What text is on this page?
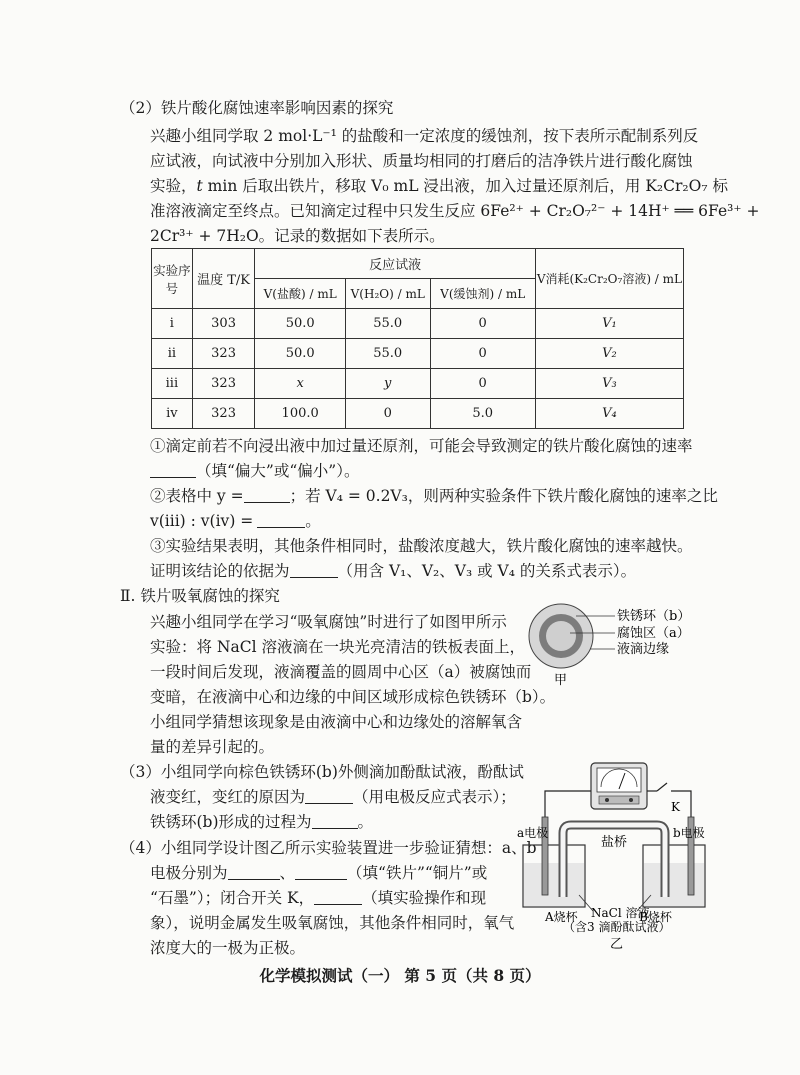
（2）铁片酸化腐蚀速率影响因素的探究
兴趣小组同学取 2 mol·L⁻¹ 的盐酸和一定浓度的缓蚀剂，按下表所示配制系列反
应试液，向试液中分别加入形状、质量均相同的打磨后的洁净铁片进行酸化腐蚀
实验，t min 后取出铁片，移取 V₀ mL 浸出液，加入过量还原剂后，用 K₂Cr₂O₇ 标
准溶液滴定至终点。已知滴定过程中只发生反应 6Fe²⁺ + Cr₂O₇²⁻ + 14H⁺ ══ 6Fe³⁺ +
2Cr³⁺ + 7H₂O。记录的数据如下表所示。
实验序号	温度 T/K	反应试液			V消耗(K₂Cr₂O₇溶液) / mL
		V(盐酸) / mL	V(H₂O) / mL	V(缓蚀剂) / mL	
i	303	50.0	55.0	0	V₁
ii	323	50.0	55.0	0	V₂
iii	323	x	y	0	V₃
iv	323	100.0	0	5.0	V₄
①滴定前若不向浸出液中加过量还原剂，可能会导致测定的铁片酸化腐蚀的速率
（填“偏大”或“偏小”）。
②表格中 y =	；若 V₄ = 0.2V₃，则两种实验条件下铁片酸化腐蚀的速率之比
v(iii) : v(iv) =	。
③实验结果表明，其他条件相同时，盐酸浓度越大，铁片酸化腐蚀的速率越快。
证明该结论的依据为	（用含 V₁、V₂、V₃ 或 V₄ 的关系式表示）。
Ⅱ. 铁片吸氧腐蚀的探究
兴趣小组同学在学习“吸氧腐蚀”时进行了如图甲所示
实验：将 NaCl 溶液滴在一块光亮清洁的铁板表面上，
一段时间后发现，液滴覆盖的圆周中心区（a）被腐蚀而
变暗，在液滴中心和边缘的中间区域形成棕色铁锈环（b）。
小组同学猜想该现象是由液滴中心和边缘处的溶解氧含
量的差异引起的。
铁锈环（b）
腐蚀区（a）
液滴边缘
甲
（3）小组同学向棕色铁锈环(b)外侧滴加酚酞试液，酚酞试
液变红，变红的原因为	（用电极反应式表示）；
铁锈环(b)形成的过程为	。
（4）小组同学设计图乙所示实验装置进一步验证猜想：a、b
电极分别为	、	（填“铁片”“铜片”或
“石墨”）；闭合开关 K，	（填实验操作和现
象），说明金属发生吸氧腐蚀，其他条件相同时，氧气
浓度大的一极为正极。
K
盐桥
a电极	b电极
A烧杯	B烧杯
NaCl 溶液
（含3 滴酚酞试液）
乙
化学模拟测试（一） 第 5 页（共 8 页）
